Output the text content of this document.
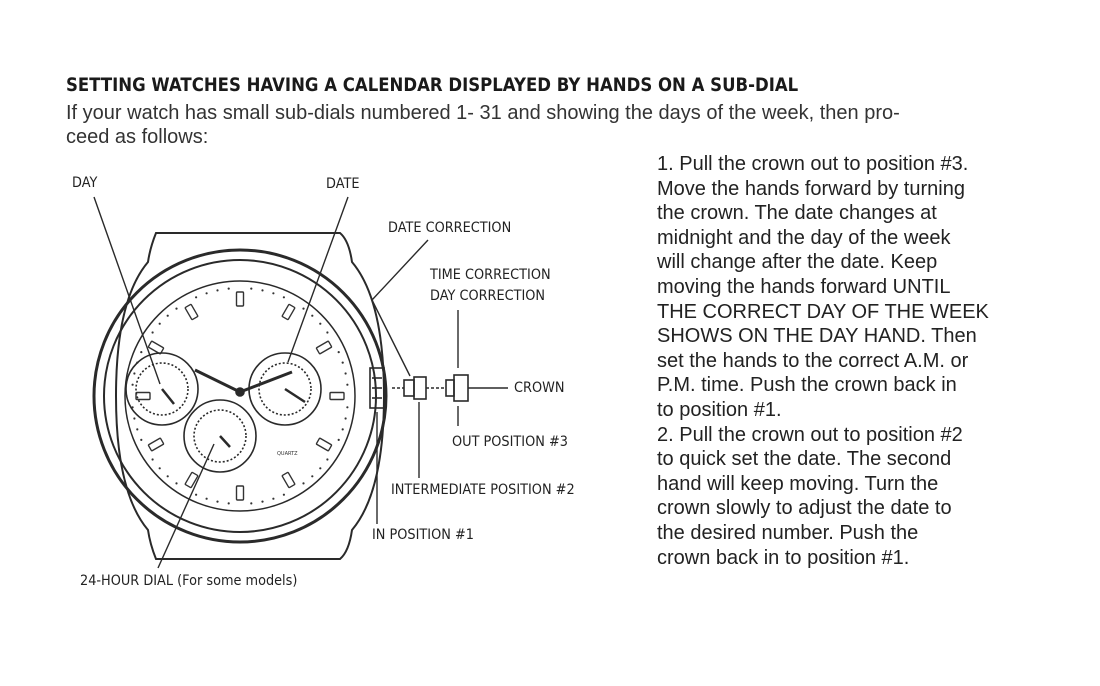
SETTING WATCHES HAVING A CALENDAR DISPLAYED BY HANDS ON A SUB-DIAL
If your watch has small sub-dials numbered 1- 31 and showing the days of the week, then pro-
ceed as follows:
QUARTZ
DAY	DATE
DATE CORRECTION
TIME CORRECTION
DAY CORRECTION
CROWN
OUT POSITION #3
INTERMEDIATE POSITION #2
IN POSITION #1
24-HOUR DIAL (For some models)
1. Pull the crown out to position #3.
Move the hands forward by turning
the crown. The date changes at
midnight and the day of the week
will change after the date. Keep
moving the hands forward UNTIL
THE CORRECT DAY OF THE WEEK
SHOWS ON THE DAY HAND. Then
set the hands to the correct A.M. or
P.M. time. Push the crown back in
to position #1.
2. Pull the crown out to position #2
to quick set the date. The second
hand will keep moving. Turn the
crown slowly to adjust the date to
the desired number. Push the
crown back in to position #1.
